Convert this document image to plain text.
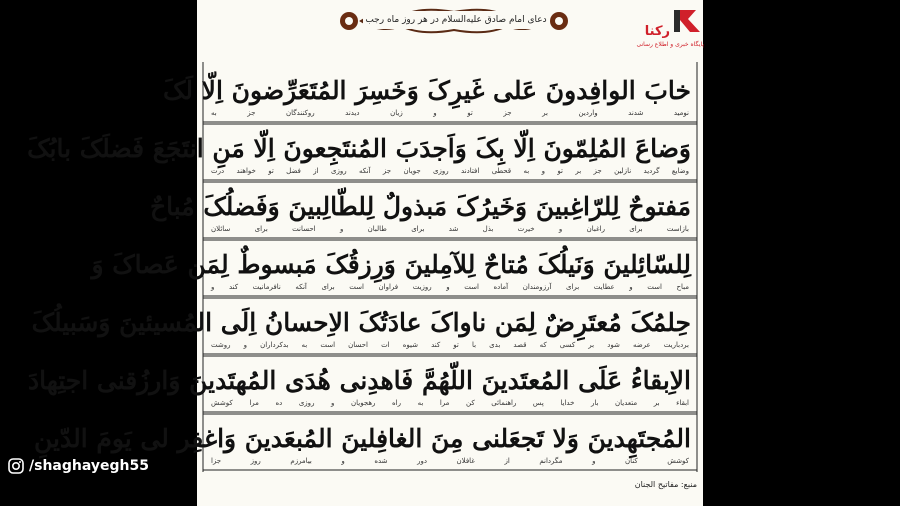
دعای امام صادق علیه‌السلام در هر روز ماه رجب
خابَ الوافِدونَ عَلی غَیرِکَ وَخَسِرَ المُتَعَرِّضونَ اِلّا لَکَ
نومید شدند واردین بر جز تو و زیان دیدند روکنندگان جز به
وَضاعَ المُلِمّونَ اِلّا بِکَ وَاَجدَبَ المُنتَجِعونَ اِلّا مَنِ انتَجَعَ فَضلَکَ بابُکَ
وضایع گردید نازلین جز بر تو و به قحطی افتادند روزی جویان جز آنکه روزی از فضل تو خواهند درت
مَفتوحٌ لِلرّاغِبینَ وَخَیرُکَ مَبذولٌ لِلطّالِبینَ وَفَضلُکَ مُباحٌ
بازاست برای راغبان و خیرت بذل شد برای طالبان و احسانت برای سائلان
لِلسّائِلینَ وَنَیلُکَ مُتاحٌ لِلآمِلینَ وَرِزقُکَ مَبسوطٌ لِمَن عَصاکَ وَ
مباح است و عطایت برای آرزومندان آماده است و روزیت فراوان است برای آنکه نافرمانیت کند و
حِلمُکَ مُعتَرِضٌ لِمَن ناواکَ عادَتُکَ الاِحسانُ اِلَی المُسیئینَ وَسَبیلُکَ
بردباریت عرضه شود بر کسی که قصد بدی با تو کند شیوه ات احسان است به بدکرداران و روشت
الاِبقاءُ عَلَی المُعتَدینَ اللّهُمَّ فَاهدِنی هُدَی المُهتَدینَ وَارزُقنی اجتِهادَ
ابقاء بر متعدیان بار خدایا پس راهنمائی کن مرا به راه رهجویان و روزی ده مرا کوشش
المُجتَهِدینَ وَلا تَجعَلنی مِنَ الغافِلینَ المُبعَدینَ وَاغفِر لی یَومَ الدّینِ
کوشش کنان و مگردانم از غافلان دور شده و بیامرزم روز جزا
منبع: مفاتیح الجنان
رکنا
پایگاه خبری و اطلاع رسانی
/shaghayegh55
